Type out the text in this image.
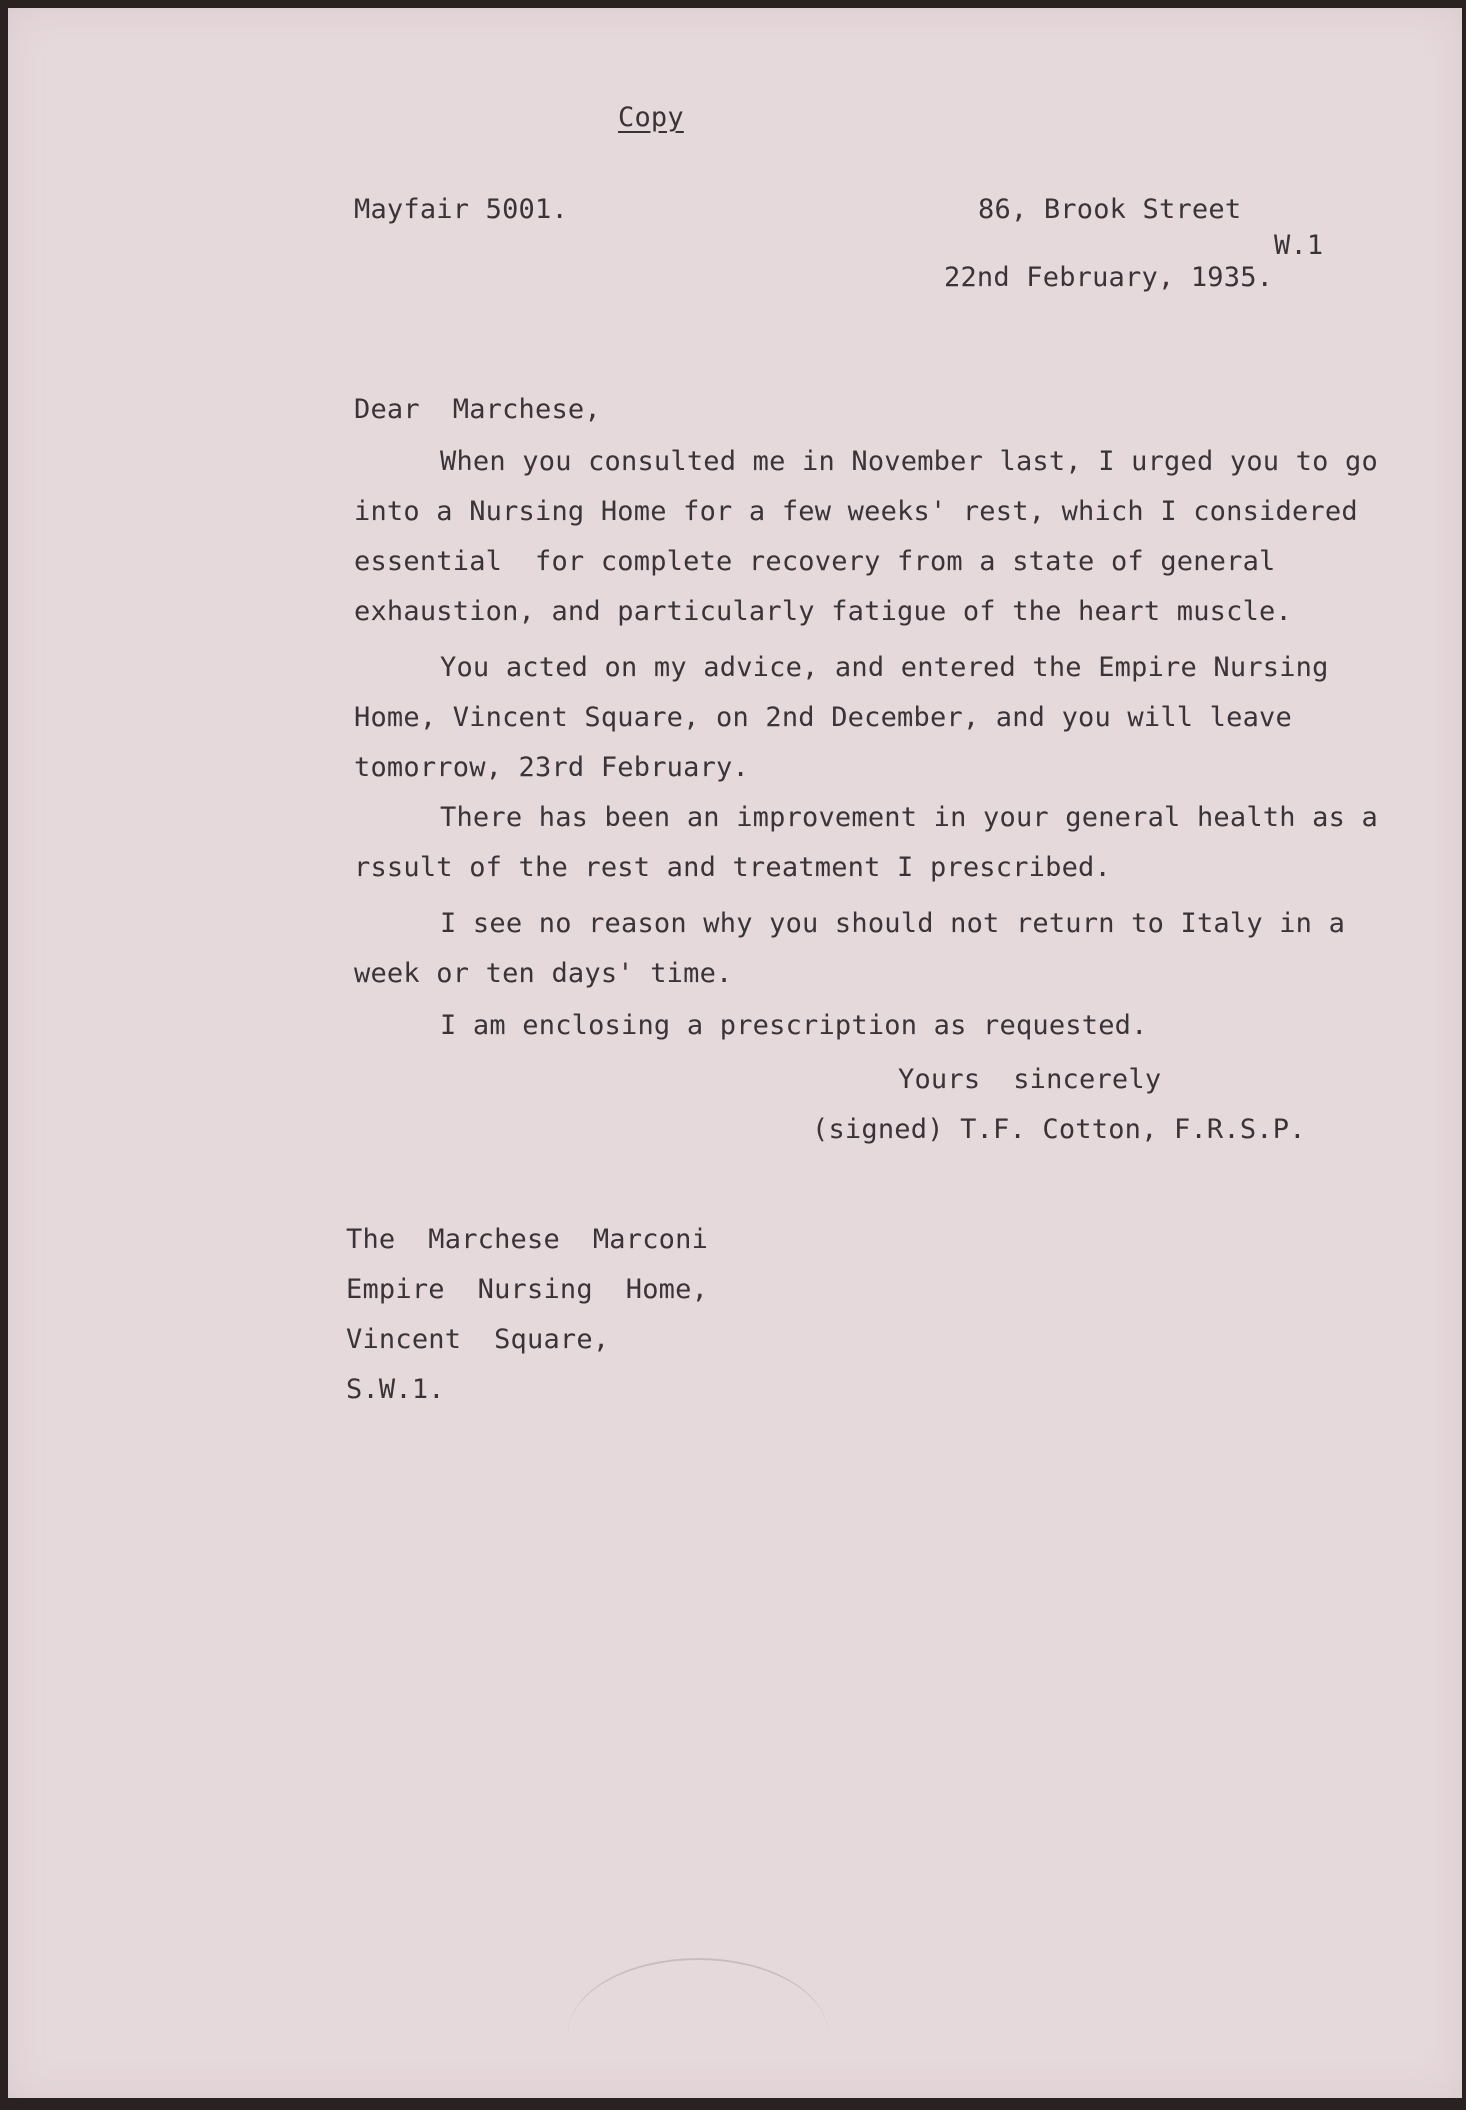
Copy
Mayfair 5001.	86, Brook Street
W.1
22nd February, 1935.
Dear  Marchese,
When you consulted me in November last, I urged you to go
into a Nursing Home for a few weeks' rest, which I considered
essential  for complete recovery from a state of general
exhaustion, and particularly fatigue of the heart muscle.
You acted on my advice, and entered the Empire Nursing
Home, Vincent Square, on 2nd December, and you will leave
tomorrow, 23rd February.
There has been an improvement in your general health as a
rssult of the rest and treatment I prescribed.
I see no reason why you should not return to Italy in a
week or ten days' time.
I am enclosing a prescription as requested.
Yours  sincerely
(signed) T.F. Cotton, F.R.S.P.
The  Marchese  Marconi
Empire  Nursing  Home,
Vincent  Square,
S.W.1.
